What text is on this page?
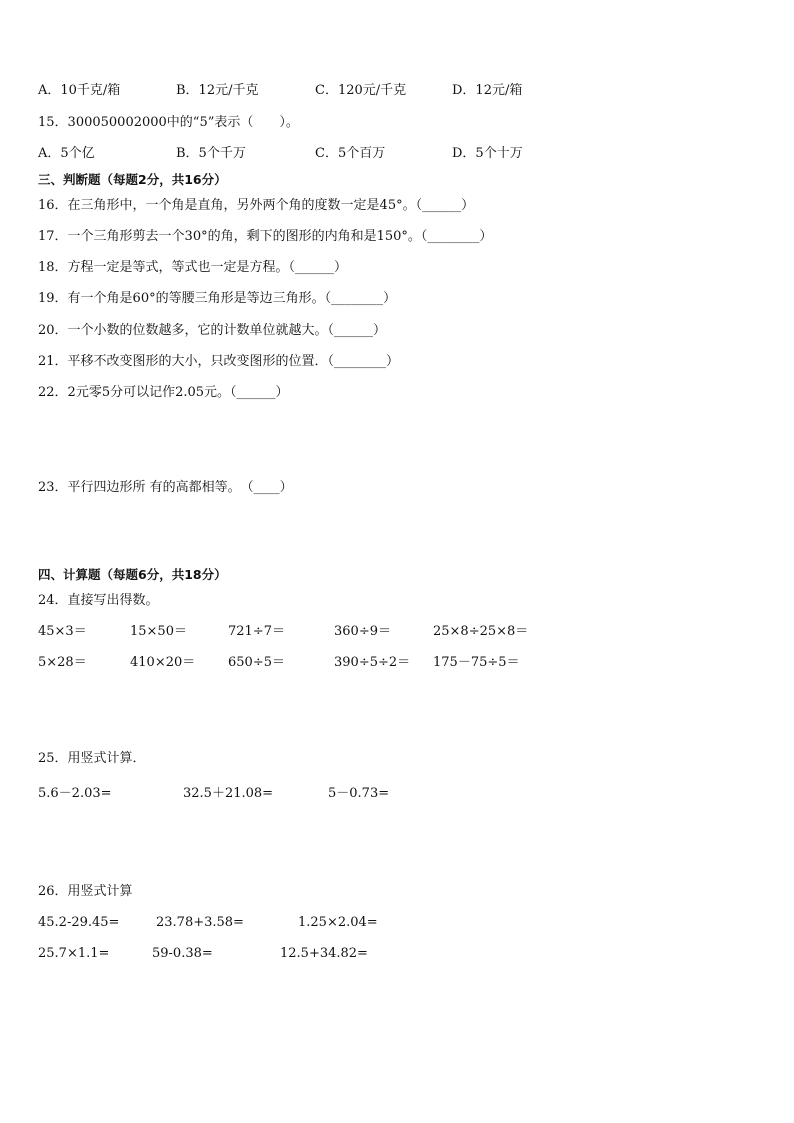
A．10千克/箱	B．12元/千克	C．120元/千克	D．12元/箱
15．300050002000中的“5”表示（　　）。
A．5个亿	B．5个千万	C．5个百万	D．5个十万
三、判断题（每题2分，共16分）
16．在三角形中，一个角是直角，另外两个角的度数一定是45°。（______）
17．一个三角形剪去一个30°的角，剩下的图形的内角和是150°。（________）
18．方程一定是等式，等式也一定是方程。（______）
19．有一个角是60°的等腰三角形是等边三角形。（________）
20．一个小数的位数越多，它的计数单位就越大。（______）
21．平移不改变图形的大小，只改变图形的位置．（________）
22．2元零5分可以记作2.05元。（______）
23．平行四边形所 有的高都相等。　（____）
四、计算题（每题6分，共18分）
24．直接写出得数。
45×3＝	15×50＝	721÷7＝	360÷9＝	25×8÷25×8＝
5×28＝	410×20＝	650÷5＝	390÷5÷2＝ 175－75÷5＝
25．用竖式计算．
5.6－2.03=	32.5＋21.08=	5－0.73=
26．用竖式计算
45.2-29.45=	23.78+3.58=	1.25×2.04=
25.7×1.1=	59-0.38=	12.5+34.82=
